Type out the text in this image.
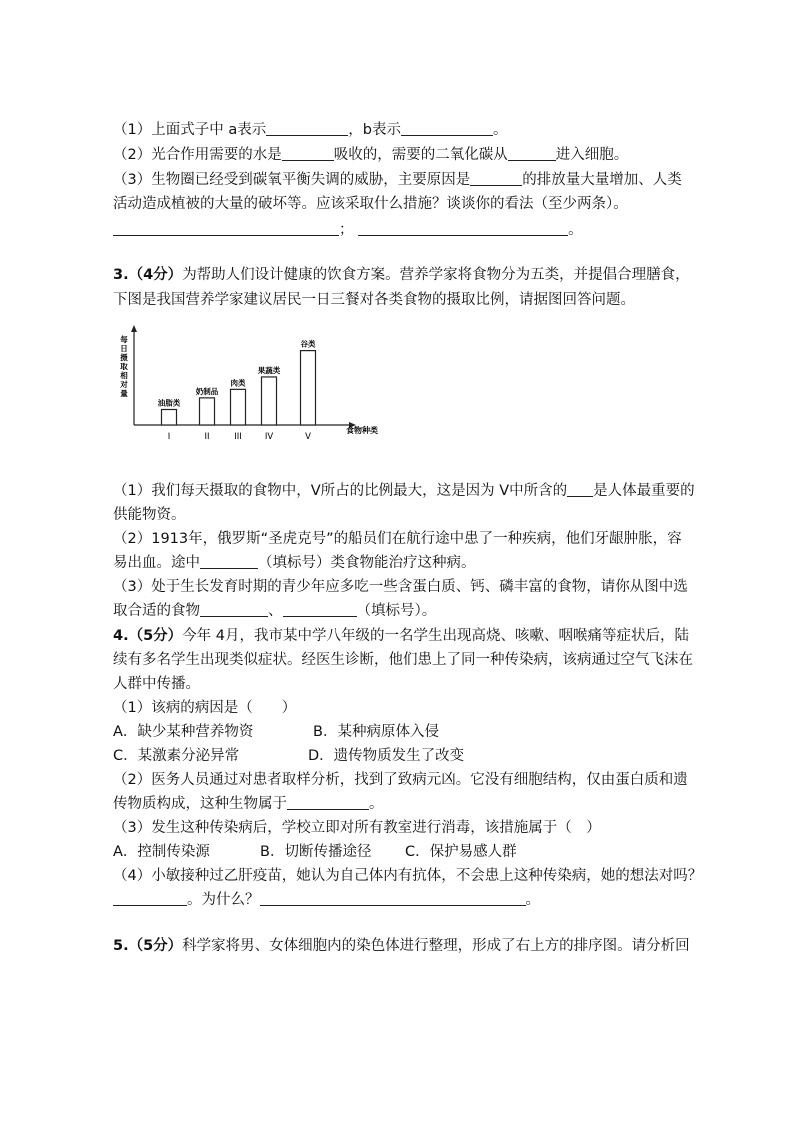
（1）上面式子中 a表示	，b表示	。
（2）光合作用需要的水是	吸收的，需要的二氧化碳从	进入细胞。
（3）生物圈已经受到碳氧平衡失调的威胁，主要原因是	的排放量大量增加、人类
活动造成植被的大量的破坏等。应该采取什么措施？谈谈你的看法（至少两条）。
；	。
3.（4分）为帮助人们设计健康的饮食方案。营养学家将食物分为五类，并提倡合理膳食，
下图是我国营养学家建议居民一日三餐对各类食物的摄取比例，请据图回答问题。
每
日
摄
取
相
对
量
食物种类
油脂类
I
奶制品
II
肉类
III
果蔬类
IV
谷类
V
（1）我们每天摄取的食物中，V所占的比例最大，这是因为 V中所含的 是人体最重要的
供能物资。
（2）1913年，俄罗斯“圣虎克号”的船员们在航行途中患了一种疾病，他们牙龈肿胀，容
易出血。途中	（填标号）类食物能治疗这种病。
（3）处于生长发育时期的青少年应多吃一些含蛋白质、钙、磷丰富的食物，请你从图中选
取合适的食物	、	（填标号）。
4.（5分）今年 4月，我市某中学八年级的一名学生出现高烧、咳嗽、咽喉痛等症状后，陆
续有多名学生出现类似症状。经医生诊断，他们患上了同一种传染病，该病通过空气飞沫在
人群中传播。
（1）该病的病因是（　　）
A．缺少某种营养物资	B．某种病原体入侵
C．某激素分泌异常	D．遗传物质发生了改变
（2）医务人员通过对患者取样分析，找到了致病元凶。它没有细胞结构，仅由蛋白质和遗
传物质构成，这种生物属于	。
（3）发生这种传染病后，学校立即对所有教室进行消毒，该措施属于（　）
A．控制传染源	B．切断传播途径 C．保护易感人群
（4）小敏接种过乙肝疫苗，她认为自己体内有抗体，不会患上这种传染病，她的想法对吗？
。为什么？	。
5.（5分）科学家将男、女体细胞内的染色体进行整理，形成了右上方的排序图。请分析回
